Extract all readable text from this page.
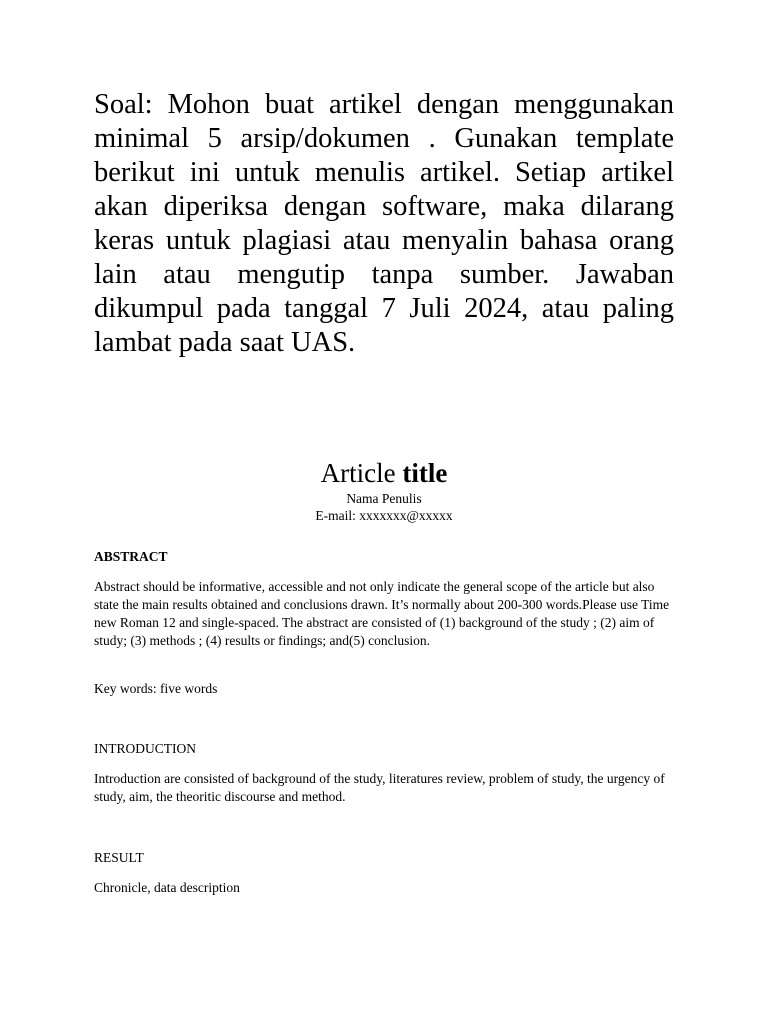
Soal: Mohon buat artikel dengan menggunakan minimal 5 arsip/dokumen . Gunakan template berikut ini untuk menulis artikel. Setiap artikel akan diperiksa dengan software, maka dilarang keras untuk plagiasi atau menyalin bahasa orang lain atau mengutip tanpa sumber. Jawaban dikumpul pada tanggal 7 Juli 2024, atau paling lambat pada saat UAS.
Article title
Nama Penulis
E-mail: xxxxxxx@xxxxx
ABSTRACT
Abstract should be informative, accessible and not only indicate the general scope of the article but also state the main results obtained and conclusions drawn. It’s normally about 200-300 words.Please use Time new Roman 12 and single-spaced. The abstract are consisted of (1) background of the study ; (2) aim of study; (3) methods ; (4) results or findings; and(5) conclusion.
Key words: five words
INTRODUCTION
Introduction are consisted of background of the study, literatures review, problem of study, the urgency of study, aim, the theoritic discourse and method.
RESULT
Chronicle, data description
